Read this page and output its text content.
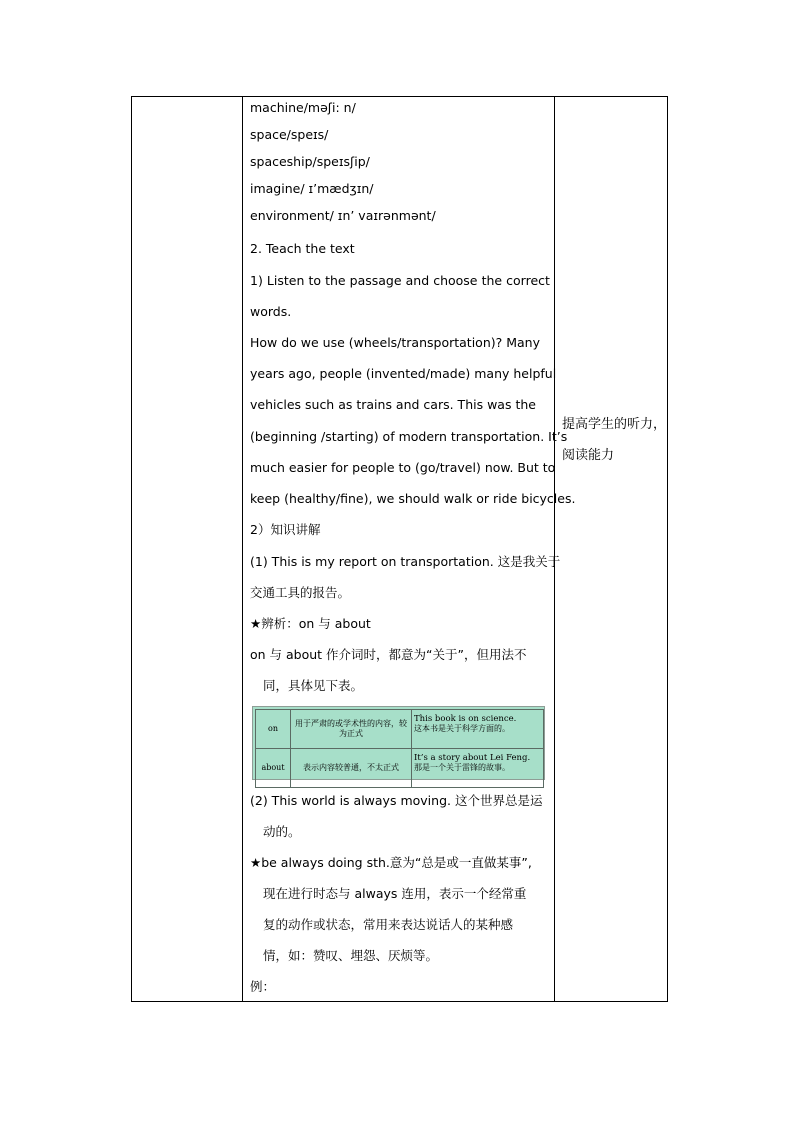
machine/məʃi: n/
space/speɪs/
spaceship/speɪsʃip/
imagine/ ɪ’mædʒɪn/
environment/ ɪn’ vaɪrənmənt/
2. Teach the text
1) Listen to the passage and choose the correct
words.
How do we use (wheels/transportation)? Many
years ago, people (invented/made) many helpful
vehicles such as trains and cars. This was the
(beginning /starting) of modern transportation. It’s
much easier for people to (go/travel) now. But to
keep (healthy/fine), we should walk or ride bicycles.
2）知识讲解
(1) This is my report on transportation. 这是我关于
交通工具的报告。
★辨析：on 与 about
on 与 about 作介词时，都意为“关于”，但用法不
同，具体见下表。
(2) This world is always moving. 这个世界总是运
动的。
★be always doing sth.意为“总是或一直做某事”,
现在进行时态与 always 连用，表示一个经常重
复的动作或状态，常用来表达说话人的某种感
情，如：赞叹、埋怨、厌烦等。
例：
on	用于严肃的或学术性的内容，较为正式	This book is on science.
这本书是关于科学方面的。

about	表示内容较普通，不太正式	It’s a story about Lei Feng.
那是一个关于雷锋的故事。
提高学生的听力，
阅读能力
